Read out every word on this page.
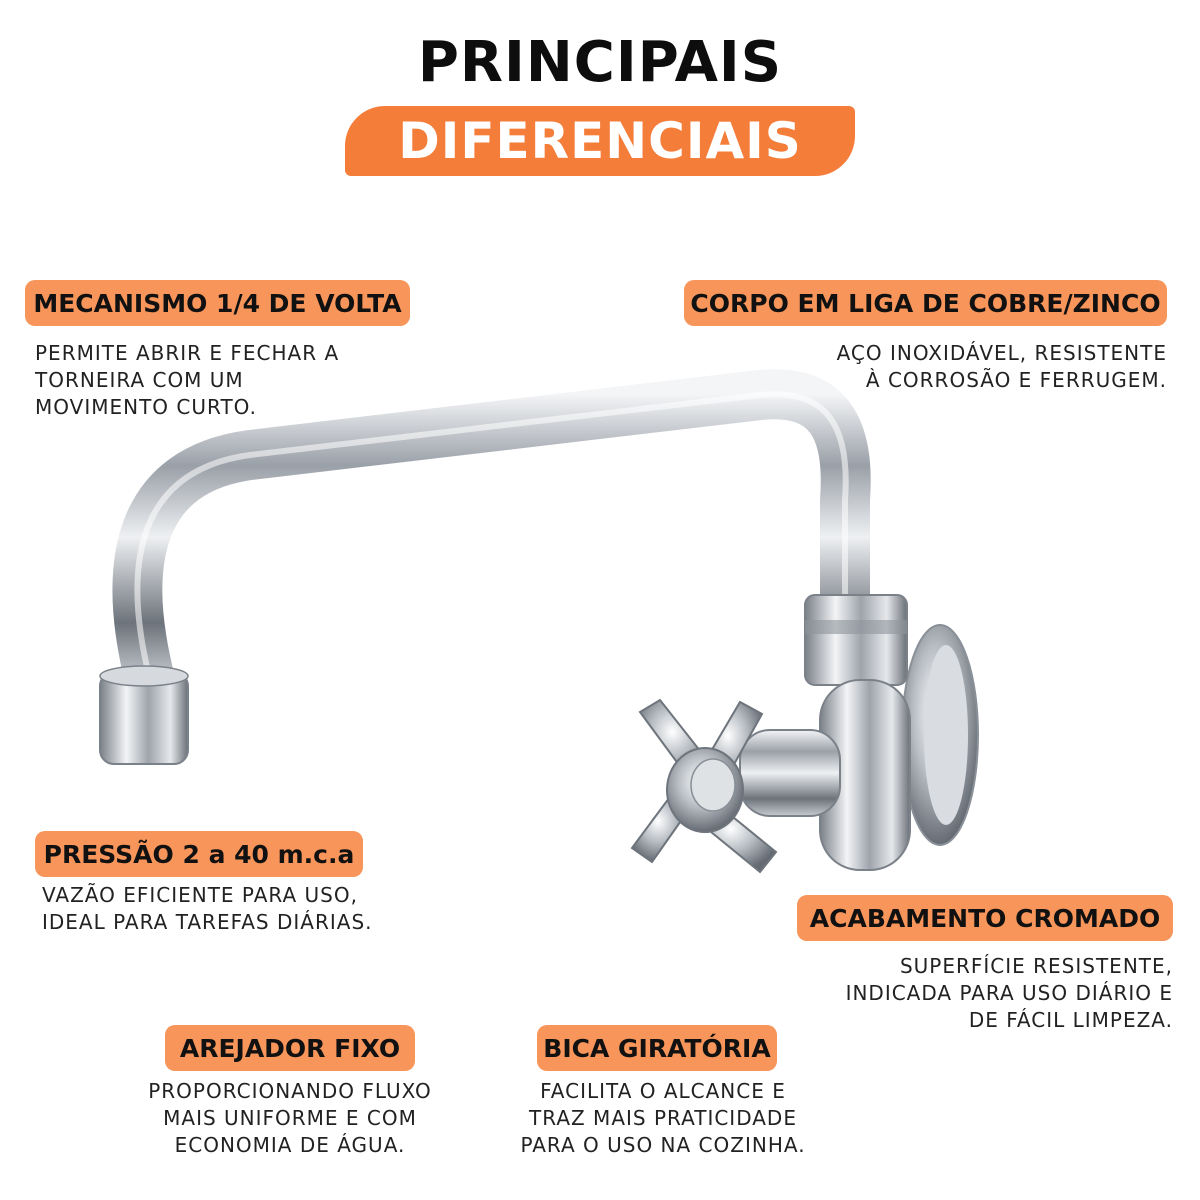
PRINCIPAIS
DIFERENCIAIS
MECANISMO 1/4 DE VOLTA
PERMITE ABRIR E FECHAR A
TORNEIRA COM UM
MOVIMENTO CURTO.
CORPO EM LIGA DE COBRE/ZINCO
AÇO INOXIDÁVEL, RESISTENTE
À CORROSÃO E FERRUGEM.
PRESSÃO 2 a 40 m.c.a
VAZÃO EFICIENTE PARA USO,
IDEAL PARA TAREFAS DIÁRIAS.	ACABAMENTO CROMADO
SUPERFÍCIE RESISTENTE,
INDICADA PARA USO DIÁRIO E
DE FÁCIL LIMPEZA.
AREJADOR FIXO
PROPORCIONANDO FLUXO
MAIS UNIFORME E COM
ECONOMIA DE ÁGUA.
BICA GIRATÓRIA
FACILITA O ALCANCE E
TRAZ MAIS PRATICIDADE
PARA O USO NA COZINHA.
